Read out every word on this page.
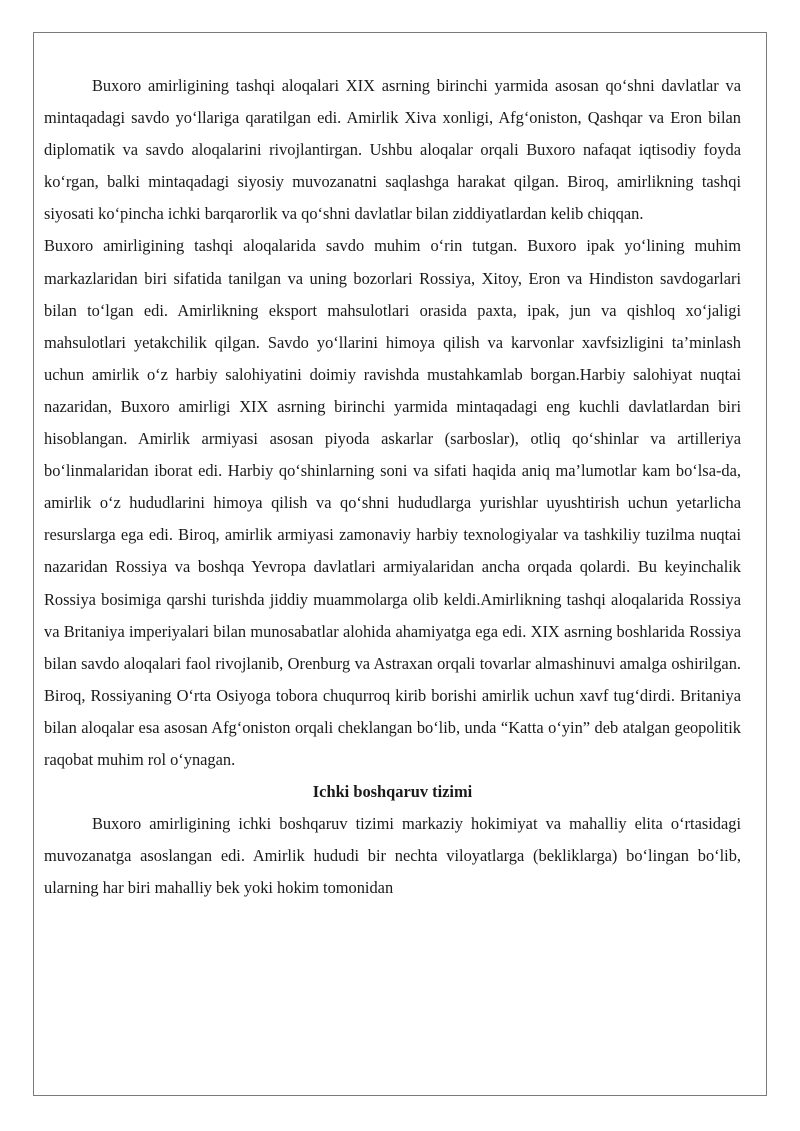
Buxoro amirligining tashqi aloqalari XIX asrning birinchi yarmida asosan qo‘shni davlatlar va mintaqadagi savdo yo‘llariga qaratilgan edi. Amirlik Xiva xonligi, Afg‘oniston, Qashqar va Eron bilan diplomatik va savdo aloqalarini rivojlantirgan. Ushbu aloqalar orqali Buxoro nafaqat iqtisodiy foyda ko‘rgan, balki mintaqadagi siyosiy muvozanatni saqlashga harakat qilgan. Biroq, amirlikning tashqi siyosati ko‘pincha ichki barqarorlik va qo‘shni davlatlar bilan ziddiyatlardan kelib chiqqan.

Buxoro amirligining tashqi aloqalarida savdo muhim o‘rin tutgan. Buxoro ipak yo‘lining muhim markazlaridan biri sifatida tanilgan va uning bozorlari Rossiya, Xitoy, Eron va Hindiston savdogarlari bilan to‘lgan edi. Amirlikning eksport mahsulotlari orasida paxta, ipak, jun va qishloq xo‘jaligi mahsulotlari yetakchilik qilgan. Savdo yo‘llarini himoya qilish va karvonlar xavfsizligini ta’minlash uchun amirlik o‘z harbiy salohiyatini doimiy ravishda mustahkamlab borgan.Harbiy salohiyat nuqtai nazaridan, Buxoro amirligi XIX asrning birinchi yarmida mintaqadagi eng kuchli davlatlardan biri hisoblangan. Amirlik armiyasi asosan piyoda askarlar (sarboslar), otliq qo‘shinlar va artilleriya bo‘linmalaridan iborat edi. Harbiy qo‘shinlarning soni va sifati haqida aniq ma’lumotlar kam bo‘lsa-da, amirlik o‘z hududlarini himoya qilish va qo‘shni hududlarga yurishlar uyushtirish uchun yetarlicha resurslarga ega edi. Biroq, amirlik armiyasi zamonaviy harbiy texnologiyalar va tashkiliy tuzilma nuqtai nazaridan Rossiya va boshqa Yevropa davlatlari armiyalaridan ancha orqada qolardi. Bu keyinchalik Rossiya bosimiga qarshi turishda jiddiy muammolarga olib keldi.Amirlikning tashqi aloqalarida Rossiya va Britaniya imperiyalari bilan munosabatlar alohida ahamiyatga ega edi. XIX asrning boshlarida Rossiya bilan savdo aloqalari faol rivojlanib, Orenburg va Astraxan orqali tovarlar almashinuvi amalga oshirilgan. Biroq, Rossiyaning O‘rta Osiyoga tobora chuqurroq kirib borishi amirlik uchun xavf tug‘dirdi. Britaniya bilan aloqalar esa asosan Afg‘oniston orqali cheklangan bo‘lib, unda “Katta o‘yin” deb atalgan geopolitik raqobat muhim rol o‘ynagan.

Ichki boshqaruv tizimi

Buxoro amirligining ichki boshqaruv tizimi markaziy hokimiyat va mahalliy elita o‘rtasidagi muvozanatga asoslangan edi. Amirlik hududi bir nechta viloyatlarga (bekliklarga) bo‘lingan bo‘lib, ularning har biri mahalliy bek yoki hokim tomonidan
